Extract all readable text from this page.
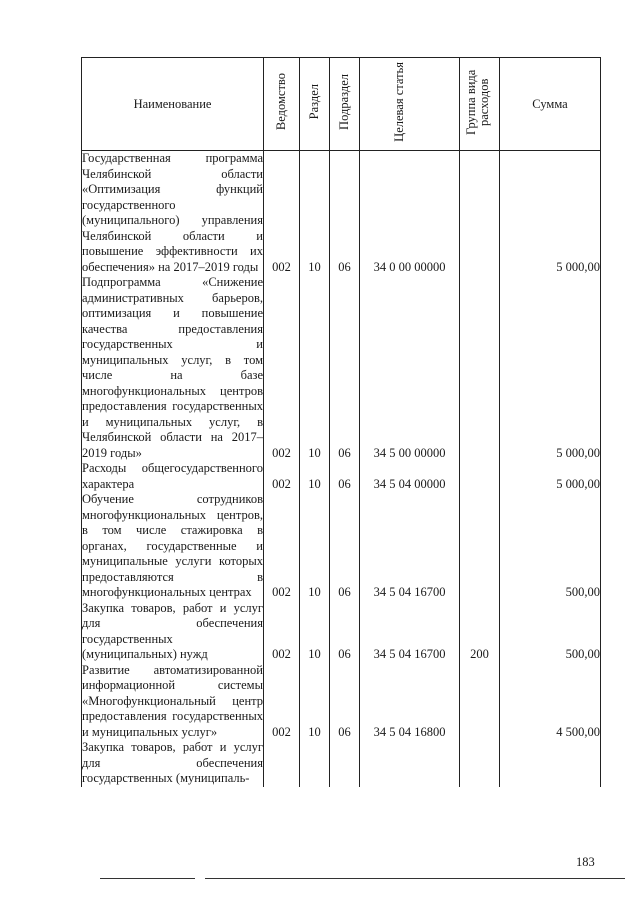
Наименование	Ведомство	Раздел	Подраздел	Целевая статья	Группа вида расходов	Сумма
Государственная программа Челябинской области «Оптимизация функций государственного (муниципального) управления Челябинской области и повышение эффективности их обеспечения» на 2017–2019 годы	002	10	06	34 0 00 00000		5 000,00
Подпрограмма «Снижение административных барьеров, оптимизация и повышение качества предоставления государственных и муниципальных услуг, в том числе на базе многофункциональных центров предоставления государственных и муниципальных услуг, в Челябинской области на 2017–2019 годы»	002	10	06	34 5 00 00000		5 000,00
Расходы общегосударственного характера	002	10	06	34 5 04 00000		5 000,00
Обучение сотрудников многофункциональных центров, в том числе стажировка в органах, государственные и муниципальные услуги которых предоставляются в многофункциональных центрах	002	10	06	34 5 04 16700		500,00
Закупка товаров, работ и услуг для обеспечения государственных (муниципальных) нужд	002	10	06	34 5 04 16700	200	500,00
Развитие автоматизированной информационной системы «Многофункциональный центр предоставления государственных и муниципальных услуг»	002	10	06	34 5 04 16800		4 500,00
Закупка товаров, работ и услуг для обеспечения государственных (муниципаль-						
183
